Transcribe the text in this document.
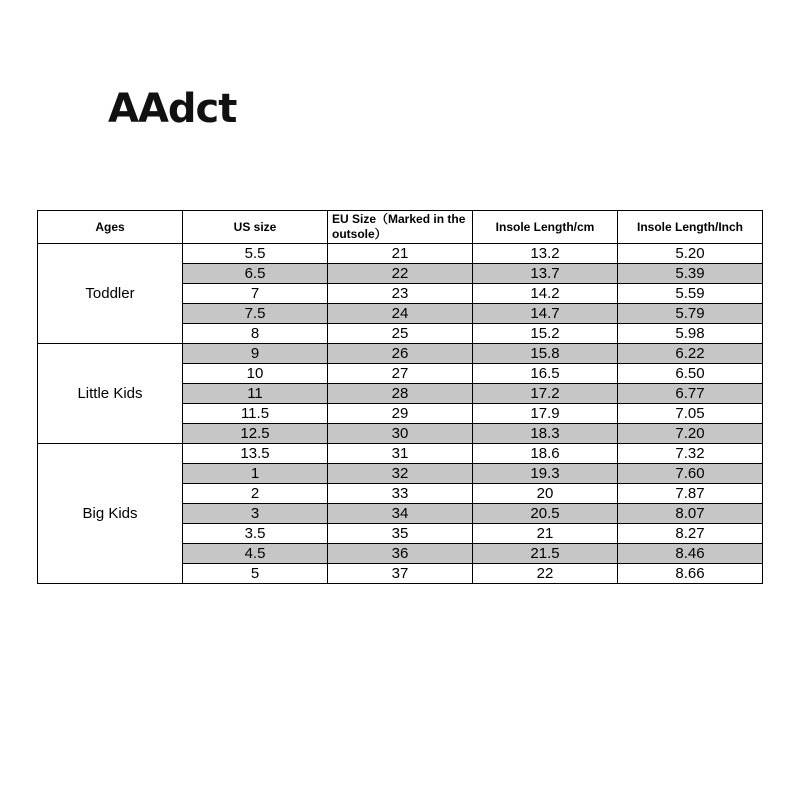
AAdct
Ages	US size	EU Size（Marked in the outsole）	Insole Length/cm	Insole Length/Inch
Toddler	5.5	21	13.2	5.20
	6.5	22	13.7	5.39
	7	23	14.2	5.59
	7.5	24	14.7	5.79
	8	25	15.2	5.98
Little Kids	9	26	15.8	6.22
	10	27	16.5	6.50
	11	28	17.2	6.77
	11.5	29	17.9	7.05
	12.5	30	18.3	7.20
Big Kids	13.5	31	18.6	7.32
	1	32	19.3	7.60
	2	33	20	7.87
	3	34	20.5	8.07
	3.5	35	21	8.27
	4.5	36	21.5	8.46
	5	37	22	8.66
